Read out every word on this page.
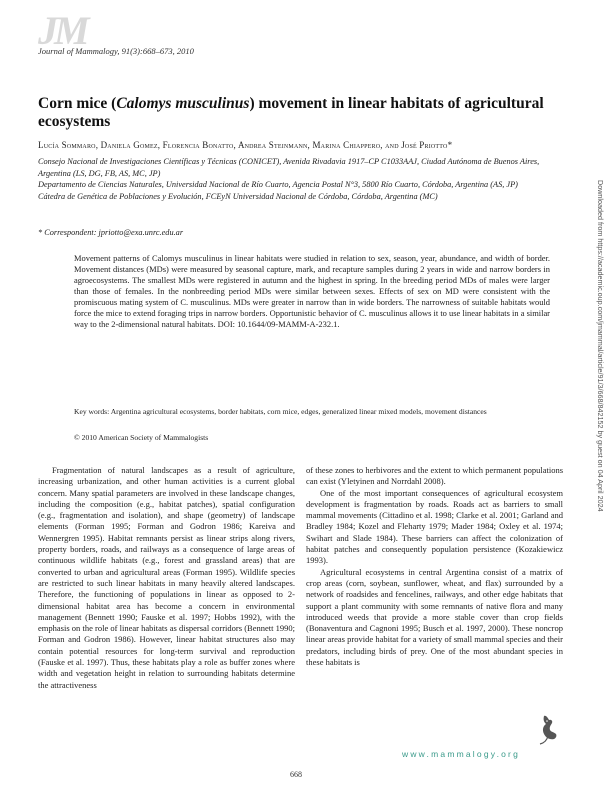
JM
Journal of Mammalogy, 91(3):668–673, 2010
Corn mice (Calomys musculinus) movement in linear habitats of agricultural ecosystems
Lucía Sommaro, Daniela Gomez, Florencia Bonatto, Andrea Steinmann, Marina Chiappero, and José Priotto*
Consejo Nacional de Investigaciones Científicas y Técnicas (CONICET), Avenida Rivadavia 1917–CP C1033AAJ, Ciudad Autónoma de Buenos Aires, Argentina (LS, DG, FB, AS, MC, JP)
Departamento de Ciencias Naturales, Universidad Nacional de Río Cuarto, Agencia Postal N°3, 5800 Río Cuarto, Córdoba, Argentina (AS, JP)
Cátedra de Genética de Poblaciones y Evolución, FCEyN Universidad Nacional de Córdoba, Córdoba, Argentina (MC)
* Correspondent: jpriotto@exa.unrc.edu.ar
Movement patterns of Calomys musculinus in linear habitats were studied in relation to sex, season, year, abundance, and width of border. Movement distances (MDs) were measured by seasonal capture, mark, and recapture samples during 2 years in wide and narrow borders in agroecosystems. The smallest MDs were registered in autumn and the highest in spring. In the breeding period MDs of males were larger than those of females. In the nonbreeding period MDs were similar between sexes. Effects of sex on MD were consistent with the promiscuous mating system of C. musculinus. MDs were greater in narrow than in wide borders. The narrowness of suitable habitats would force the mice to extend foraging trips in narrow borders. Opportunistic behavior of C. musculinus allows it to use linear habitats in a similar way to the 2-dimensional natural habitats. DOI: 10.1644/09-MAMM-A-232.1.
Key words: Argentina agricultural ecosystems, border habitats, corn mice, edges, generalized linear mixed models, movement distances
© 2010 American Society of Mammalogists

Fragmentation of natural landscapes as a result of agriculture, increasing urbanization, and other human activities is a current global concern. Many spatial parameters are involved in these landscape changes, including the composition (e.g., habitat patches), spatial configuration (e.g., fragmentation and isolation), and shape (geometry) of landscape elements (Forman 1995; Forman and Godron 1986; Kareiva and Wennergren 1995). Habitat remnants persist as linear strips along rivers, property borders, roads, and railways as a consequence of large areas of continuous wildlife habitats (e.g., forest and grassland areas) that are converted to urban and agricultural areas (Forman 1995). Wildlife species are restricted to such linear habitats in many heavily altered landscapes. Therefore, the functioning of populations in linear as opposed to 2-dimensional habitat area has become a concern in environmental management (Bennett 1990; Fauske et al. 1997; Hobbs 1992), with the emphasis on the role of linear habitats as dispersal corridors (Bennett 1990; Forman and Godron 1986). However, linear habitat structures also may contain potential resources for long-term survival and reproduction (Fauske et al. 1997). Thus, these habitats play a role as buffer zones where width and vegetation height in relation to surrounding habitats determine the attractiveness

of these zones to herbivores and the extent to which permanent populations can exist (Yletyinen and Norrdahl 2008).

One of the most important consequences of agricultural ecosystem development is fragmentation by roads. Roads act as barriers to small mammal movements (Cittadino et al. 1998; Clarke et al. 2001; Garland and Bradley 1984; Kozel and Fleharty 1979; Mader 1984; Oxley et al. 1974; Swihart and Slade 1984). These barriers can affect the colonization of habitat patches and consequently population persistence (Kozakiewicz 1993).

Agricultural ecosystems in central Argentina consist of a matrix of crop areas (corn, soybean, sunflower, wheat, and flax) surrounded by a network of roadsides and fencelines, railways, and other edge habitats that support a plant community with some remnants of native flora and many introduced weeds that provide a more stable cover than crop fields (Bonaventura and Cagnoni 1995; Busch et al. 1997, 2000). These noncrop linear areas provide habitat for a variety of small mammal species and their predators, including birds of prey. One of the most abundant species in these habitats is

www.mammalogy.org
668
Downloaded from https://academic.oup.com/jmammal/article/91/3/668/842152 by guest on 04 April 2024
